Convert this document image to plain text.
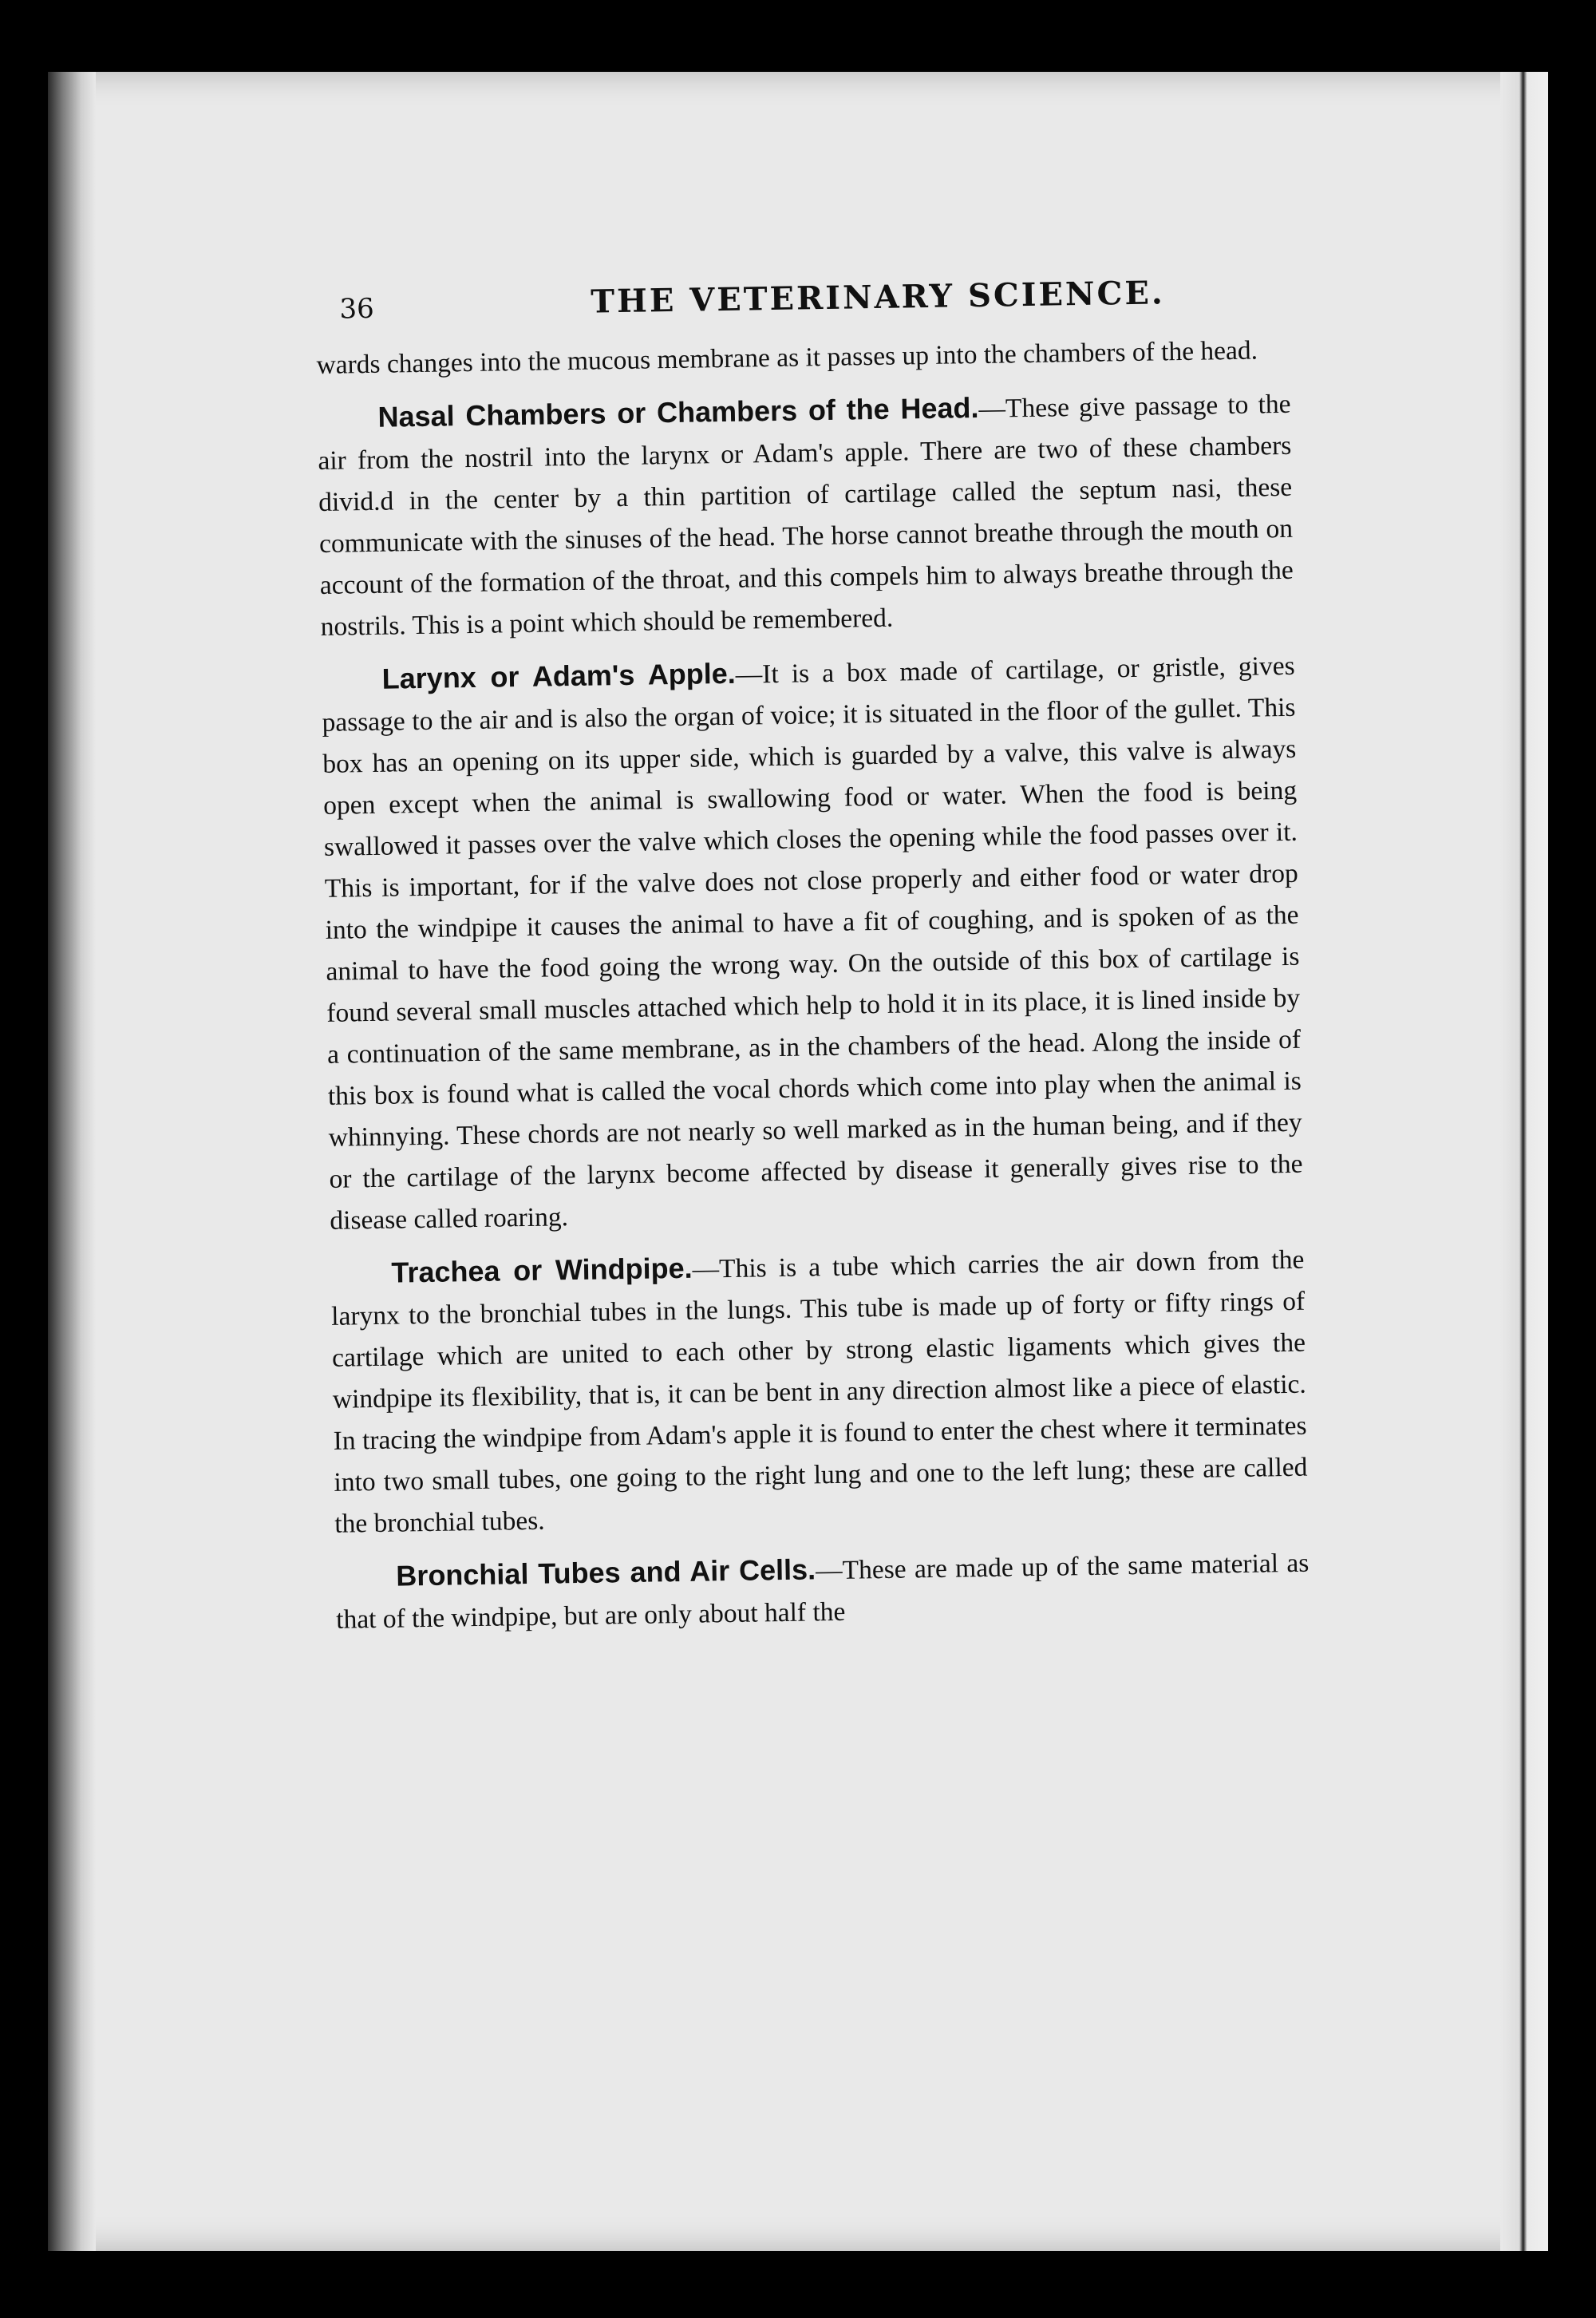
36	THE VETERINARY SCIENCE.

wards changes into the mucous membrane as it passes up into the chambers of the head.

Nasal Chambers or Chambers of the Head.—These give passage to the air from the nostril into the larynx or Adam's apple. There are two of these chambers divid.d in the center by a thin partition of cartilage called the septum nasi, these communicate with the sinuses of the head. The horse cannot breathe through the mouth on account of the formation of the throat, and this compels him to always breathe through the nostrils. This is a point which should be remembered.

Larynx or Adam's Apple.—It is a box made of cartilage, or gristle, gives passage to the air and is also the organ of voice; it is situated in the floor of the gullet. This box has an opening on its upper side, which is guarded by a valve, this valve is always open except when the animal is swallowing food or water. When the food is being swallowed it passes over the valve which closes the opening while the food passes over it. This is important, for if the valve does not close properly and either food or water drop into the windpipe it causes the animal to have a fit of coughing, and is spoken of as the animal to have the food going the wrong way. On the outside of this box of cartilage is found several small muscles attached which help to hold it in its place, it is lined inside by a continuation of the same membrane, as in the chambers of the head. Along the inside of this box is found what is called the vocal chords which come into play when the animal is whinnying. These chords are not nearly so well marked as in the human being, and if they or the cartilage of the larynx become affected by disease it generally gives rise to the disease called roaring.

Trachea or Windpipe.—This is a tube which carries the air down from the larynx to the bronchial tubes in the lungs. This tube is made up of forty or fifty rings of cartilage which are united to each other by strong elastic ligaments which gives the windpipe its flexibility, that is, it can be bent in any direction almost like a piece of elastic. In tracing the windpipe from Adam's apple it is found to enter the chest where it terminates into two small tubes, one going to the right lung and one to the left lung; these are called the bronchial tubes.

Bronchial Tubes and Air Cells.—These are made up of the same material as that of the windpipe, but are only about half the
